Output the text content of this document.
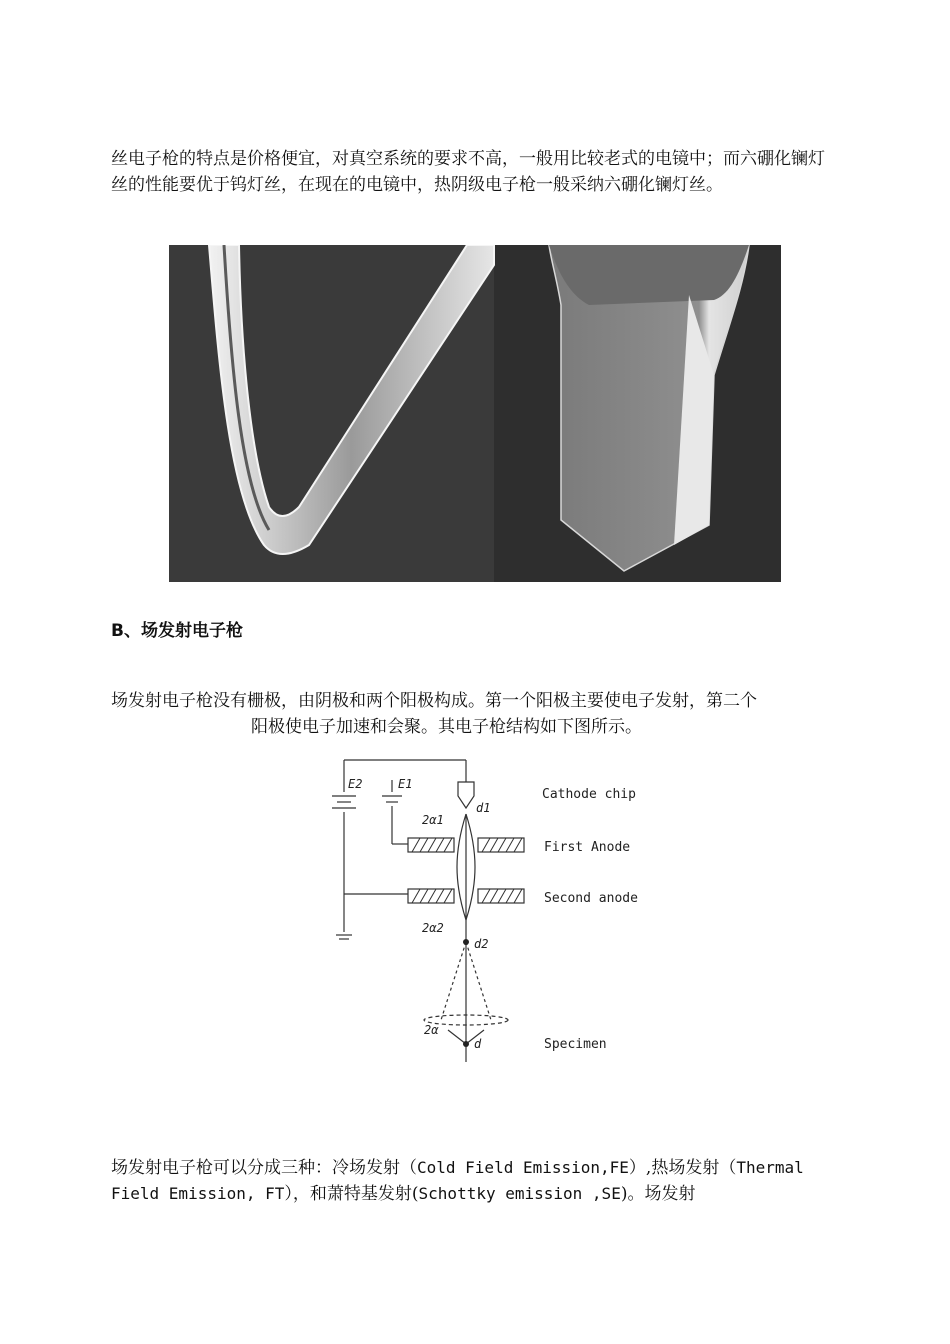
丝电子枪的特点是价格便宜，对真空系统的要求不高，一般用比较老式的电镜中；而六硼化镧灯丝的性能要优于钨灯丝，在现在的电镜中，热阴级电子枪一般采纳六硼化镧灯丝。
B、场发射电子枪
场发射电子枪没有栅极，由阴极和两个阳极构成。第一个阳极主要使电子发射，第二个
阳极使电子加速和会聚。其电子枪结构如下图所示。
E2	E1
d1
2α1
2α2
d2
2α
d
Cathode chip
First Anode
Second anode
Specimen
场发射电子枪可以分成三种：冷场发射（Cold Field Emission,FE）,热场发射（Thermal Field Emission, FT），和萧特基发射(Schottky emission ,SE)。场发射
